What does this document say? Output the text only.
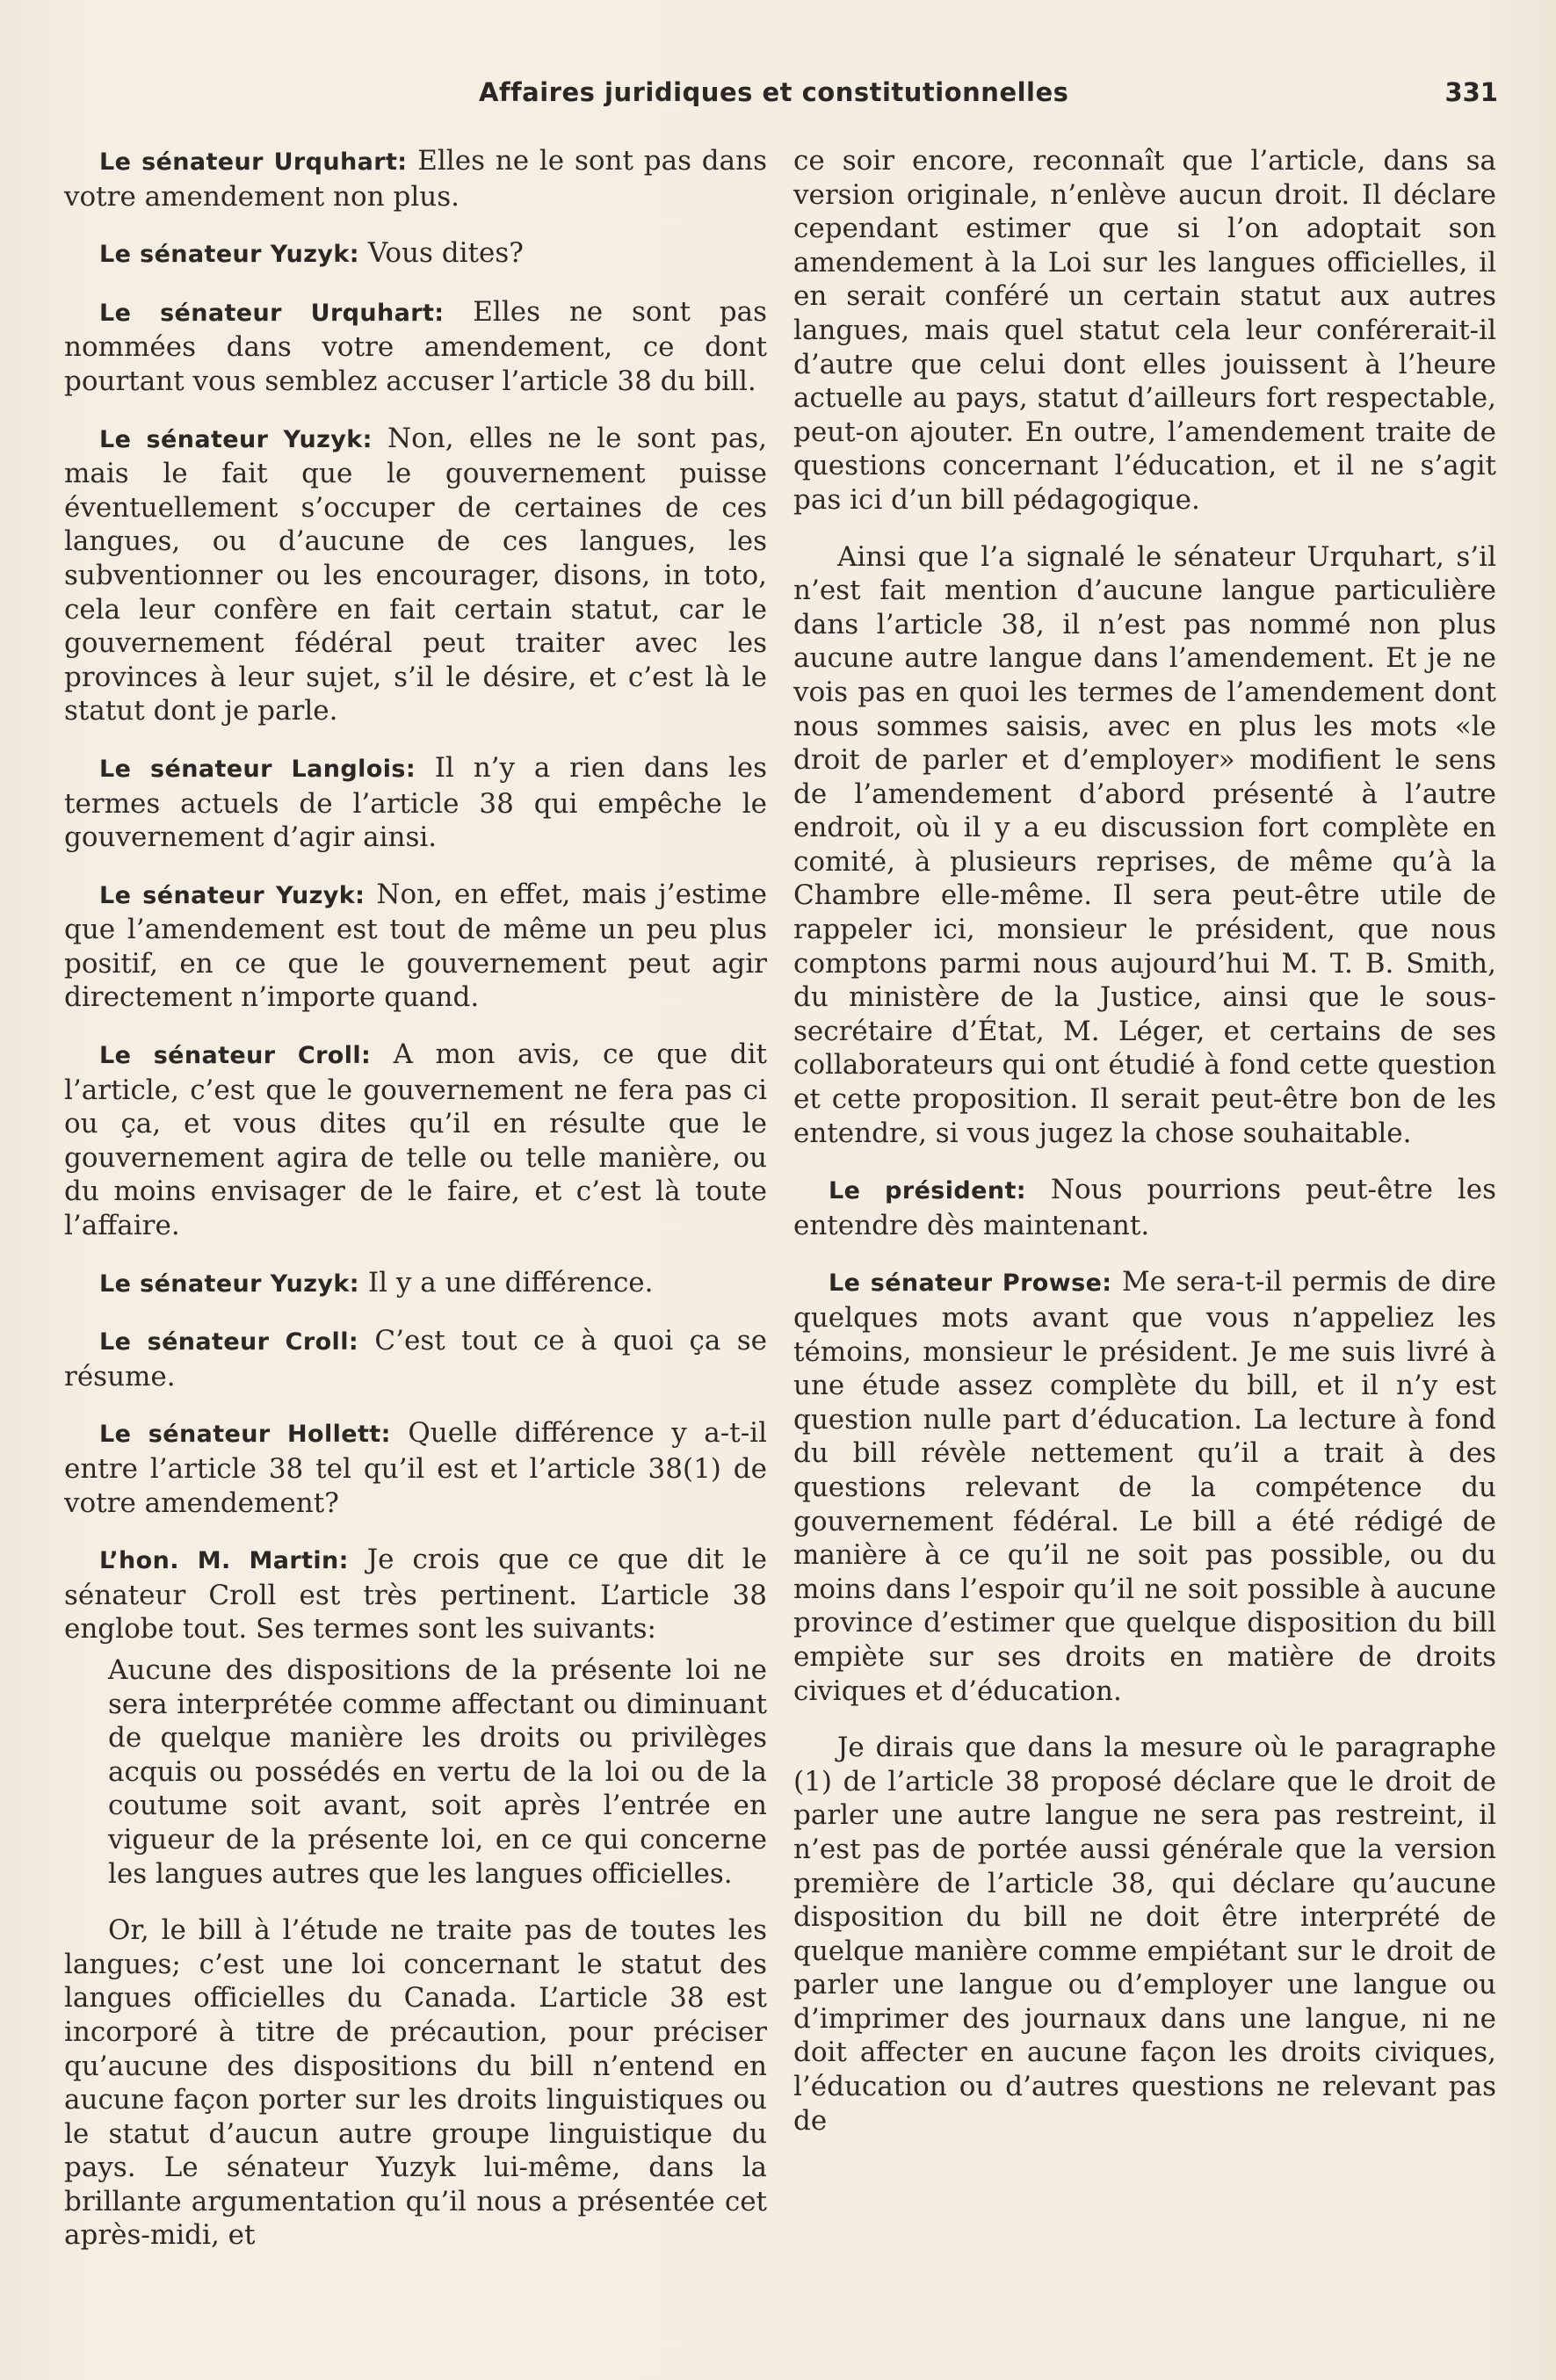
Affaires juridiques et constitutionnelles	331

Le sénateur Urquhart: Elles ne le sont pas dans votre amendement non plus.

Le sénateur Yuzyk: Vous dites?

Le sénateur Urquhart: Elles ne sont pas nommées dans votre amendement, ce dont pourtant vous semblez accuser l’article 38 du bill.

Le sénateur Yuzyk: Non, elles ne le sont pas, mais le fait que le gouvernement puisse éventuellement s’occuper de certaines de ces langues, ou d’aucune de ces langues, les subventionner ou les encourager, disons, in toto, cela leur confère en fait certain statut, car le gouvernement fédéral peut traiter avec les provinces à leur sujet, s’il le désire, et c’est là le statut dont je parle.

Le sénateur Langlois: Il n’y a rien dans les termes actuels de l’article 38 qui empêche le gouvernement d’agir ainsi.

Le sénateur Yuzyk: Non, en effet, mais j’estime que l’amendement est tout de même un peu plus positif, en ce que le gouvernement peut agir directement n’importe quand.

Le sénateur Croll: A mon avis, ce que dit l’article, c’est que le gouvernement ne fera pas ci ou ça, et vous dites qu’il en résulte que le gouvernement agira de telle ou telle manière, ou du moins envisager de le faire, et c’est là toute l’affaire.

Le sénateur Yuzyk: Il y a une différence.

Le sénateur Croll: C’est tout ce à quoi ça se résume.

Le sénateur Hollett: Quelle différence y a-t-il entre l’article 38 tel qu’il est et l’article 38(1) de votre amendement?

L’hon. M. Martin: Je crois que ce que dit le sénateur Croll est très pertinent. L’article 38 englobe tout. Ses termes sont les suivants:

Aucune des dispositions de la présente loi ne sera interprétée comme affectant ou diminuant de quelque manière les droits ou privilèges acquis ou possédés en vertu de la loi ou de la coutume soit avant, soit après l’entrée en vigueur de la présente loi, en ce qui concerne les langues autres que les langues officielles.

Or, le bill à l’étude ne traite pas de toutes les langues; c’est une loi concernant le statut des langues officielles du Canada. L’article 38 est incorporé à titre de précaution, pour préciser qu’aucune des dispositions du bill n’entend en aucune façon porter sur les droits linguistiques ou le statut d’aucun autre groupe linguistique du pays. Le sénateur Yuzyk lui-même, dans la brillante argumentation qu’il nous a présentée cet après-midi, et

ce soir encore, reconnaît que l’article, dans sa version originale, n’enlève aucun droit. Il déclare cependant estimer que si l’on adoptait son amendement à la Loi sur les langues officielles, il en serait conféré un certain statut aux autres langues, mais quel statut cela leur conférerait-il d’autre que celui dont elles jouissent à l’heure actuelle au pays, statut d’ailleurs fort respectable, peut-on ajouter. En outre, l’amendement traite de questions concernant l’éducation, et il ne s’agit pas ici d’un bill pédagogique.

Ainsi que l’a signalé le sénateur Urquhart, s’il n’est fait mention d’aucune langue particulière dans l’article 38, il n’est pas nommé non plus aucune autre langue dans l’amendement. Et je ne vois pas en quoi les termes de l’amendement dont nous sommes saisis, avec en plus les mots «le droit de parler et d’employer» modifient le sens de l’amendement d’abord présenté à l’autre endroit, où il y a eu discussion fort complète en comité, à plusieurs reprises, de même qu’à la Chambre elle-même. Il sera peut-être utile de rappeler ici, monsieur le président, que nous comptons parmi nous aujourd’hui M. T. B. Smith, du ministère de la Justice, ainsi que le sous-secrétaire d’État, M. Léger, et certains de ses collaborateurs qui ont étudié à fond cette question et cette proposition. Il serait peut-être bon de les entendre, si vous jugez la chose souhaitable.

Le président: Nous pourrions peut-être les entendre dès maintenant.

Le sénateur Prowse: Me sera-t-il permis de dire quelques mots avant que vous n’appeliez les témoins, monsieur le président. Je me suis livré à une étude assez complète du bill, et il n’y est question nulle part d’éducation. La lecture à fond du bill révèle nettement qu’il a trait à des questions relevant de la compétence du gouvernement fédéral. Le bill a été rédigé de manière à ce qu’il ne soit pas possible, ou du moins dans l’espoir qu’il ne soit possible à aucune province d’estimer que quelque disposition du bill empiète sur ses droits en matière de droits civiques et d’éducation.

Je dirais que dans la mesure où le paragraphe (1) de l’article 38 proposé déclare que le droit de parler une autre langue ne sera pas restreint, il n’est pas de portée aussi générale que la version première de l’article 38, qui déclare qu’aucune disposition du bill ne doit être interprété de quelque manière comme empiétant sur le droit de parler une langue ou d’employer une langue ou d’imprimer des journaux dans une langue, ni ne doit affecter en aucune façon les droits civiques, l’éducation ou d’autres questions ne relevant pas de
